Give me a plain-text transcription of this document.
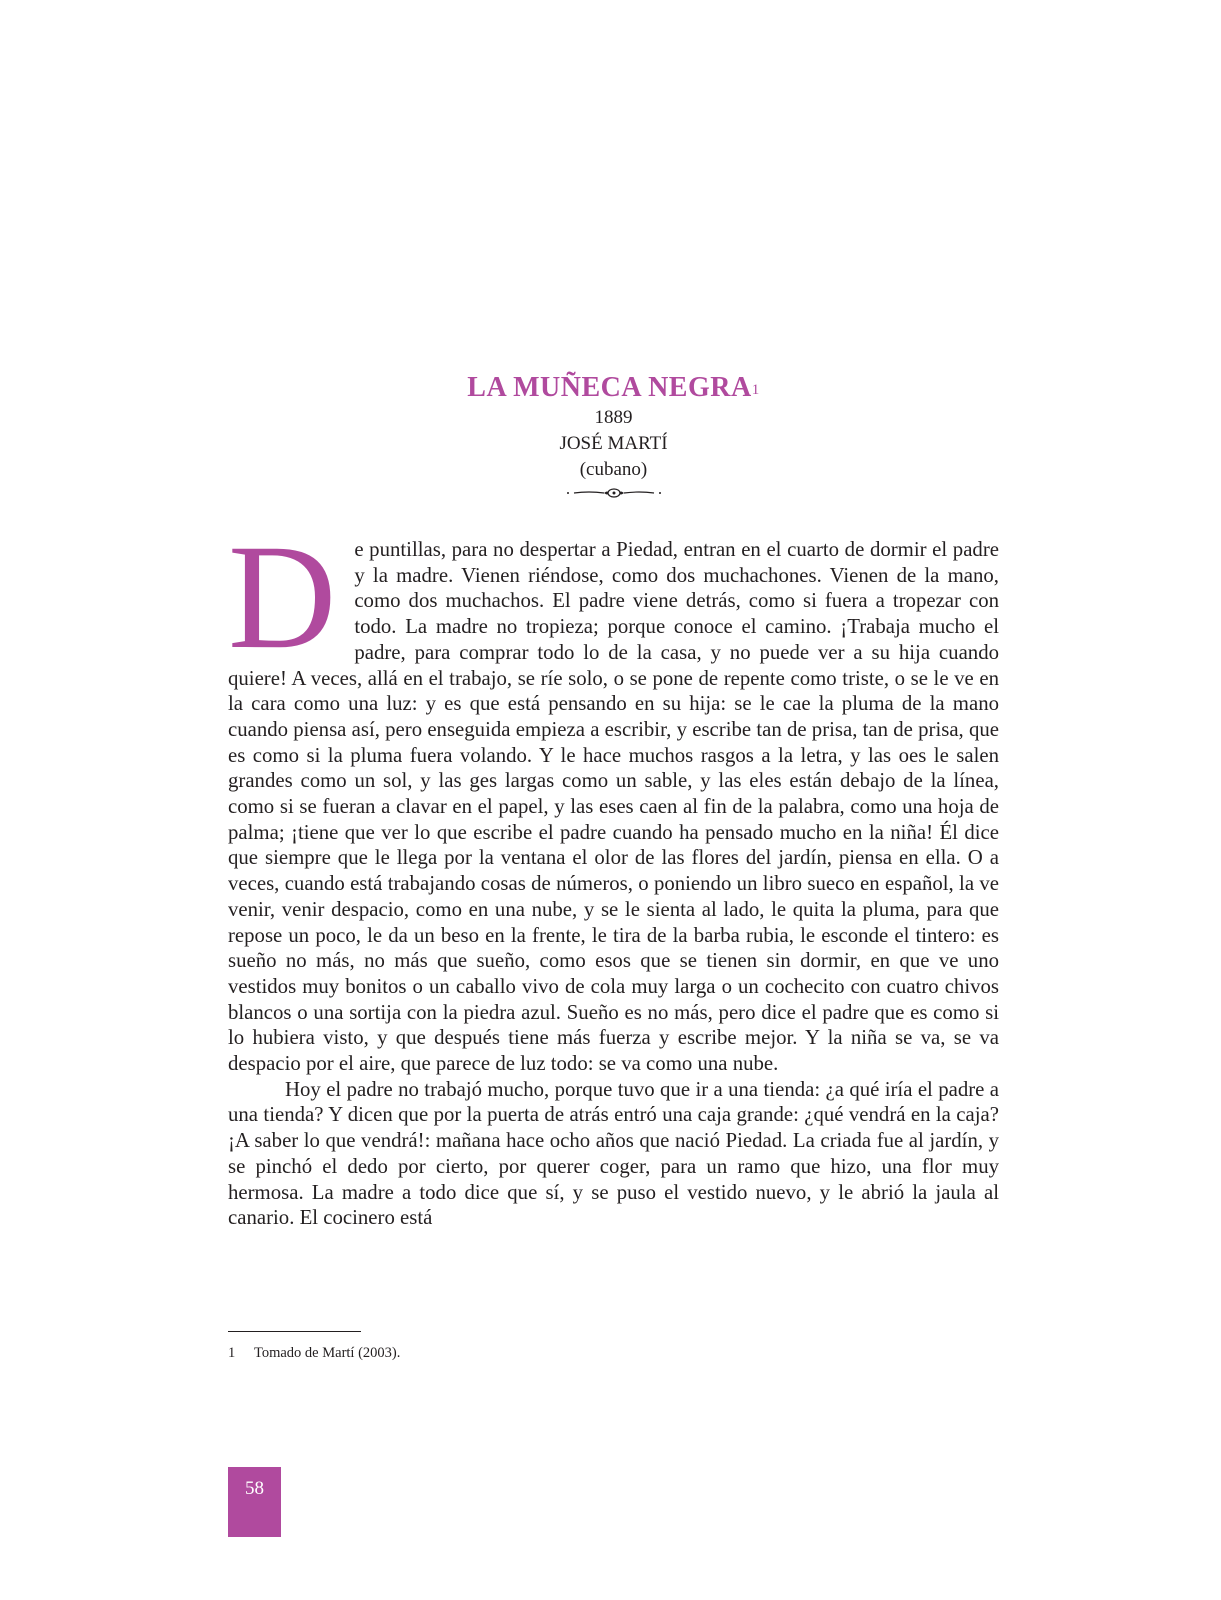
LA MUÑECA NEGRA$^1$
1889
JOSÉ MARTÍ
(cubano)

De puntillas, para no despertar a Piedad, entran en el cuarto de dormir el padre y la madre. Vienen riéndose, como dos muchachones. Vienen de la mano, como dos muchachos. El padre viene detrás, como si fuera a tropezar con todo. La madre no tropieza; porque conoce el camino. ¡Trabaja mucho el padre, para comprar todo lo de la casa, y no puede ver a su hija cuando quiere! A veces, allá en el trabajo, se ríe solo, o se pone de repente como triste, o se le ve en la cara como una luz: y es que está pensando en su hija: se le cae la pluma de la mano cuando piensa así, pero enseguida empieza a escribir, y escribe tan de prisa, tan de prisa, que es como si la pluma fuera volando. Y le hace muchos rasgos a la letra, y las oes le salen grandes como un sol, y las ges largas como un sable, y las eles están debajo de la línea, como si se fueran a clavar en el papel, y las eses caen al fin de la palabra, como una hoja de palma; ¡tiene que ver lo que escribe el padre cuando ha pensado mucho en la niña! Él dice que siempre que le llega por la ventana el olor de las flores del jardín, piensa en ella. O a veces, cuando está trabajando cosas de números, o poniendo un libro sueco en español, la ve venir, venir despacio, como en una nube, y se le sienta al lado, le quita la pluma, para que repose un poco, le da un beso en la frente, le tira de la barba rubia, le esconde el tintero: es sueño no más, no más que sueño, como esos que se tienen sin dormir, en que ve uno vestidos muy bonitos o un caballo vivo de cola muy larga o un cochecito con cuatro chivos blancos o una sortija con la piedra azul. Sueño es no más, pero dice el padre que es como si lo hubiera visto, y que después tiene más fuerza y escribe mejor. Y la niña se va, se va despacio por el aire, que parece de luz todo: se va como una nube.

Hoy el padre no trabajó mucho, porque tuvo que ir a una tienda: ¿a qué iría el padre a una tienda? Y dicen que por la puerta de atrás entró una caja grande: ¿qué vendrá en la caja? ¡A saber lo que vendrá!: mañana hace ocho años que nació Piedad. La criada fue al jardín, y se pinchó el dedo por cierto, por querer coger, para un ramo que hizo, una flor muy hermosa. La madre a todo dice que sí, y se puso el vestido nuevo, y le abrió la jaula al canario. El cocinero está

1 Tomado de Martí (2003).
58
